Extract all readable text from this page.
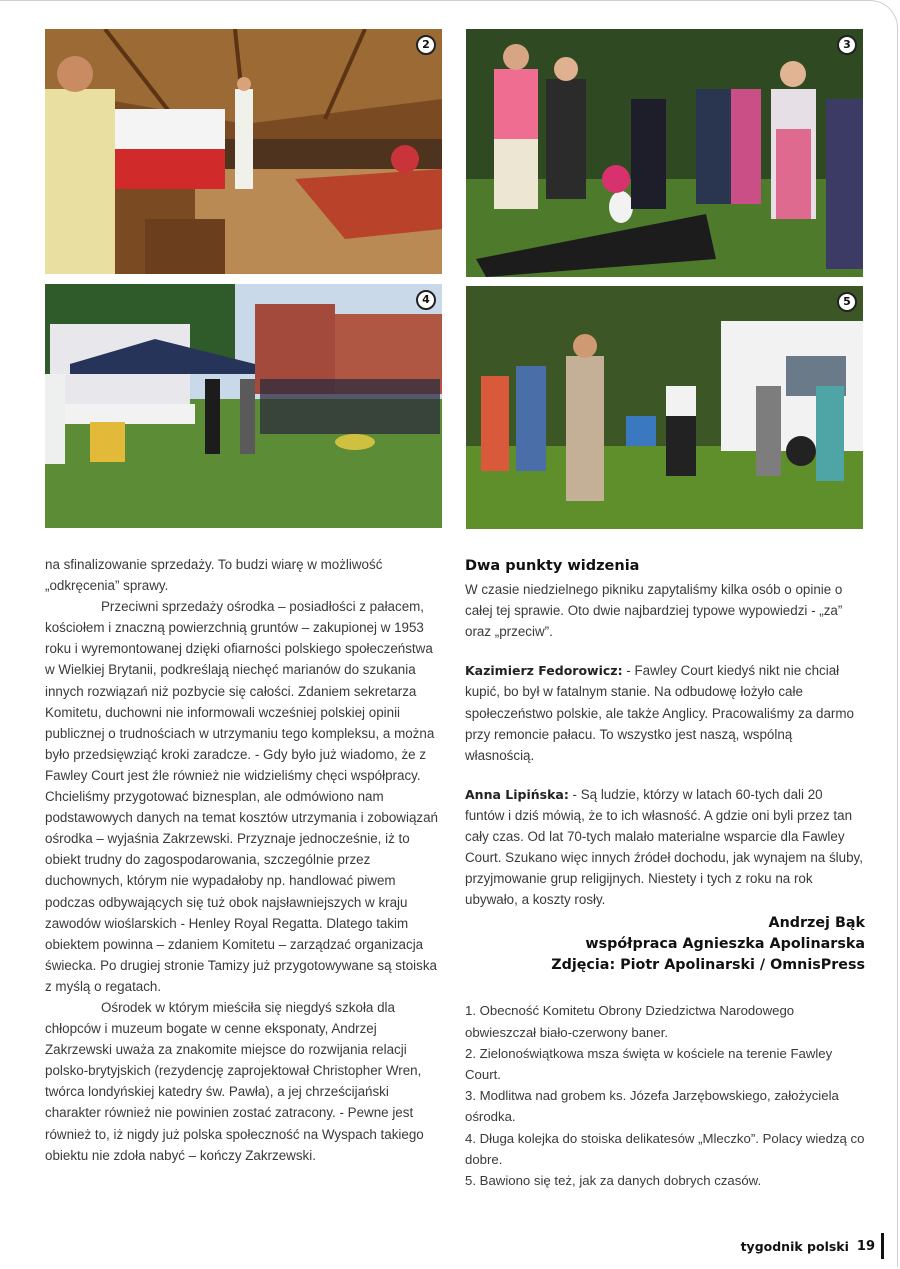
2	3
4	5

na sfinalizowanie sprzedaży. To budzi wiarę w możliwość „odkręcenia” sprawy.

Przeciwni sprzedaży ośrodka – posiadłości z pałacem, kościołem i znaczną powierzchnią gruntów – zakupionej w 1953 roku i wyremontowanej dzięki ofiarności polskiego społeczeństwa w Wielkiej Brytanii, podkreślają niechęć marianów do szukania innych rozwiązań niż pozbycie się całości. Zdaniem sekretarza Komitetu, duchowni nie informowali wcześniej polskiej opinii publicznej o trudnościach w utrzymaniu tego kompleksu, a można było przedsięwziąć kroki zaradcze. - Gdy było już wiadomo, że z Fawley Court jest źle również nie widzieliśmy chęci współpracy. Chcieliśmy przygotować biznesplan, ale odmówiono nam podstawowych danych na temat kosztów utrzymania i zobowiązań ośrodka – wyjaśnia Zakrzewski. Przyznaje jednocześnie, iż to obiekt trudny do zagospodarowania, szczególnie przez duchownych, którym nie wypadałoby np. handlować piwem podczas odbywających się tuż obok najsławniejszych w kraju zawodów wioślarskich - Henley Royal Regatta. Dlatego takim obiektem powinna – zdaniem Komitetu – zarządzać organizacja świecka. Po drugiej stronie Tamizy już przygotowywane są stoiska z myślą o regatach.

Ośrodek w którym mieściła się niegdyś szkoła dla chłopców i muzeum bogate w cenne eksponaty, Andrzej Zakrzewski uważa za znakomite miejsce do rozwijania relacji polsko-brytyjskich (rezydencję zaprojektował Christopher Wren, twórca londyńskiej katedry św. Pawła), a jej chrześcijański charakter również nie powinien zostać zatracony. - Pewne jest również to, iż nigdy już polska społeczność na Wyspach takiego obiektu nie zdoła nabyć – kończy Zakrzewski.

Dwa punkty widzenia

W czasie niedzielnego pikniku zapytaliśmy kilka osób o opinie o całej tej sprawie. Oto dwie najbardziej typowe wypowiedzi - „za” oraz „przeciw”.

Kazimierz Fedorowicz: - Fawley Court kiedyś nikt nie chciał kupić, bo był w fatalnym stanie. Na odbudowę łożyło całe społeczeństwo polskie, ale także Anglicy. Pracowaliśmy za darmo przy remoncie pałacu. To wszystko jest naszą, wspólną własnością.

Anna Lipińska: - Są ludzie, którzy w latach 60-tych dali 20 funtów i dziś mówią, że to ich własność. A gdzie oni byli przez tan cały czas. Od lat 70-tych malało materialne wsparcie dla Fawley Court. Szukano więc innych źródeł dochodu, jak wynajem na śluby, przyjmowanie grup religijnych. Niestety i tych z roku na rok ubywało, a koszty rosły.

Andrzej Bąk
współpraca Agnieszka Apolinarska
Zdjęcia: Piotr Apolinarski / OmnisPress

1. Obecność Komitetu Obrony Dziedzictwa Narodowego obwieszczał biało-czerwony baner.

2. Zielonoświątkowa msza święta w kościele na terenie Fawley Court.

3. Modlitwa nad grobem ks. Józefa Jarzębowskiego, założyciela ośrodka.

4. Długa kolejka do stoiska delikatesów „Mleczko”. Polacy wiedzą co dobre.

5. Bawiono się też, jak za danych dobrych czasów.

tygodnik polski 19
